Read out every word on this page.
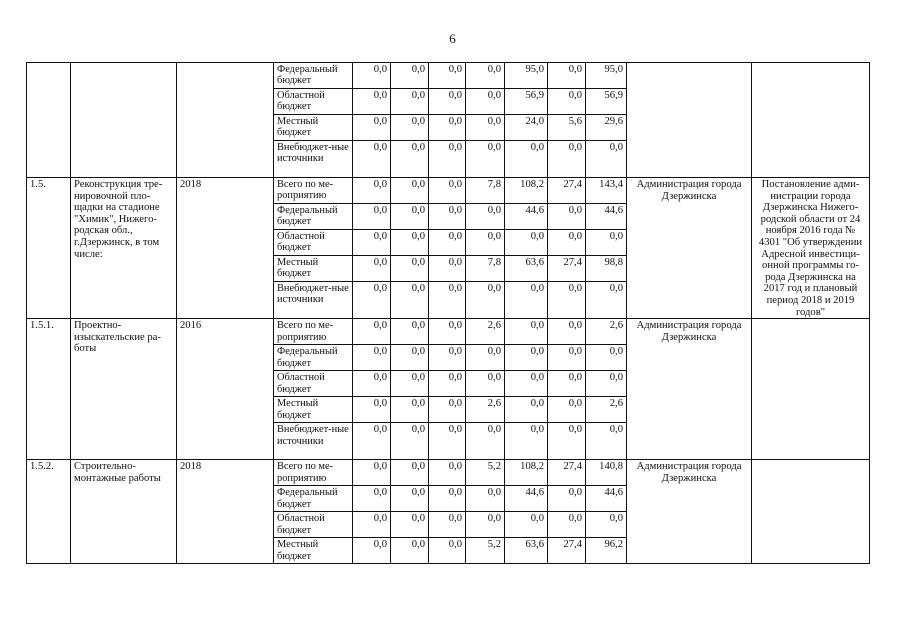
6
			Федеральный бюджет	0,0	0,0	0,0	0,0	95,0	0,0	95,0		
			Областной бюджет	0,0	0,0	0,0	0,0	56,9	0,0	56,9		
			Местный бюджет	0,0	0,0	0,0	0,0	24,0	5,6	29,6		
			Внебюджет-ные источники	0,0	0,0	0,0	0,0	0,0	0,0	0,0		
1.5.	Реконструкция тре-нировочной пло-щадки на стадионе "Химик", Нижего-родская обл., г.Дзержинск, в том числе:	2018	Всего по ме-роприятию	0,0	0,0	0,0	7,8	108,2	27,4	143,4	Администрация города Дзержинска	Постановление адми-нистрации города Дзержинска Нижего-родской области от 24 ноября 2016 года № 4301 "Об утверждении Адресной инвестици-онной программы го-рода Дзержинска на 2017 год и плановый период 2018 и 2019 годов"
			Федеральный бюджет	0,0	0,0	0,0	0,0	44,6	0,0	44,6		
			Областной бюджет	0,0	0,0	0,0	0,0	0,0	0,0	0,0		
			Местный бюджет	0,0	0,0	0,0	7,8	63,6	27,4	98,8		
			Внебюджет-ные источники	0,0	0,0	0,0	0,0	0,0	0,0	0,0		
1.5.1.	Проектно-изыскательские ра-боты	2016	Всего по ме-роприятию	0,0	0,0	0,0	2,6	0,0	0,0	2,6	Администрация города Дзержинска	
			Федеральный бюджет	0,0	0,0	0,0	0,0	0,0	0,0	0,0		
			Областной бюджет	0,0	0,0	0,0	0,0	0,0	0,0	0,0		
			Местный бюджет	0,0	0,0	0,0	2,6	0,0	0,0	2,6		
			Внебюджет-ные источники	0,0	0,0	0,0	0,0	0,0	0,0	0,0		
1.5.2.	Строительно-монтажные работы	2018	Всего по ме-роприятию	0,0	0,0	0,0	5,2	108,2	27,4	140,8	Администрация города Дзержинска	
			Федеральный бюджет	0,0	0,0	0,0	0,0	44,6	0,0	44,6		
			Областной бюджет	0,0	0,0	0,0	0,0	0,0	0,0	0,0		
			Местный бюджет	0,0	0,0	0,0	5,2	63,6	27,4	96,2		
